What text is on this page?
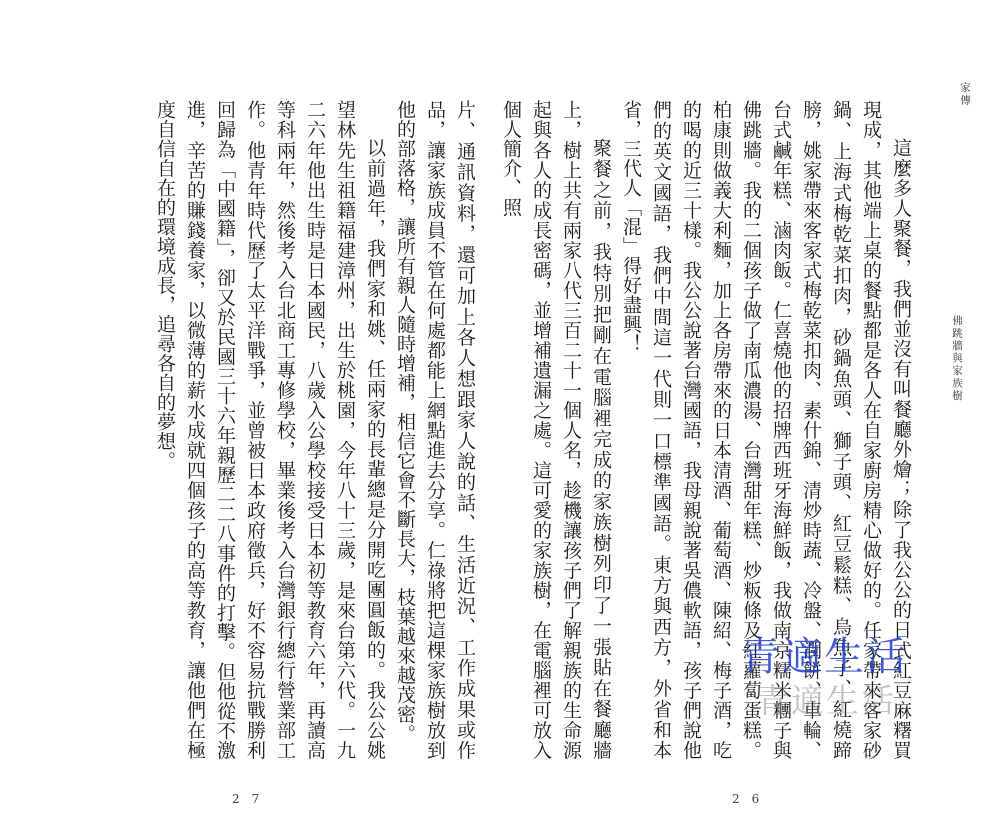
片、通訊資料，還可加上各人想跟家人說的話、生活近況、工作成果或作品，讓家族成員不管在何處都能上網點進去分享。仁祿將把這棵家族樹放到他的部落格，讓所有親人隨時增補，相信它會不斷長大，枝葉越來越茂密。

以前過年，我們家和姚、任兩家的長輩總是分開吃團圓飯的。我公公姚望林先生祖籍福建漳州，出生於桃園，今年八十三歲，是來台第六代。一九二六年他出生時是日本國民，八歲入公學校接受日本初等教育六年，再讀高等科兩年，然後考入台北商工專修學校，畢業後考入台灣銀行總行營業部工作。他青年時代歷了太平洋戰爭，並曾被日本政府徵兵，好不容易抗戰勝利回歸為「中國籍」，卻又於民國三十六年親歷二二八事件的打擊。但他從不激進，辛苦的賺錢養家，以微薄的薪水成就四個孩子的高等教育，讓他們在極度自信自在的環境成長，追尋各自的夢想。

27
家傳
佛跳牆與家族樹

這麼多人聚餐，我們並沒有叫餐廳外燴；除了我公公的日式紅豆麻糬買現成，其他端上桌的餐點都是各人在自家廚房精心做好的。任家帶來客家砂鍋、上海式梅乾菜扣肉，砂鍋魚頭、獅子頭、紅豆鬆糕、烏魚子、紅燒蹄膀，姚家帶來客家式梅乾菜扣肉、素什錦、清炒時蔬、冷盤、潤餅、車輪、台式鹹年糕、滷肉飯。仁喜燒他的招牌西班牙海鮮飯，我做南京糯米糰子與佛跳牆。我的二個孩子做了南瓜濃湯、台灣甜年糕、炒粄條及紅蘿蔔蛋糕。柏康則做義大利麵，加上各房帶來的日本清酒、葡萄酒、陳紹、梅子酒，吃的喝的近三十樣。我公公說著台灣國語，我母親說著吳儂軟語，孩子們說他們的英文國語，我們中間這一代則一口標準國語。東方與西方，外省和本省，三代人「混」得好盡興！

聚餐之前，我特別把剛在電腦裡完成的家族樹列印了一張貼在餐廳牆上，樹上共有兩家八代三百二十一個人名，趁機讓孩子們了解親族的生命源起與各人的成長密碼，並增補遺漏之處。這可愛的家族樹，在電腦裡可放入個人簡介、照

26
青適生活
青適生活
